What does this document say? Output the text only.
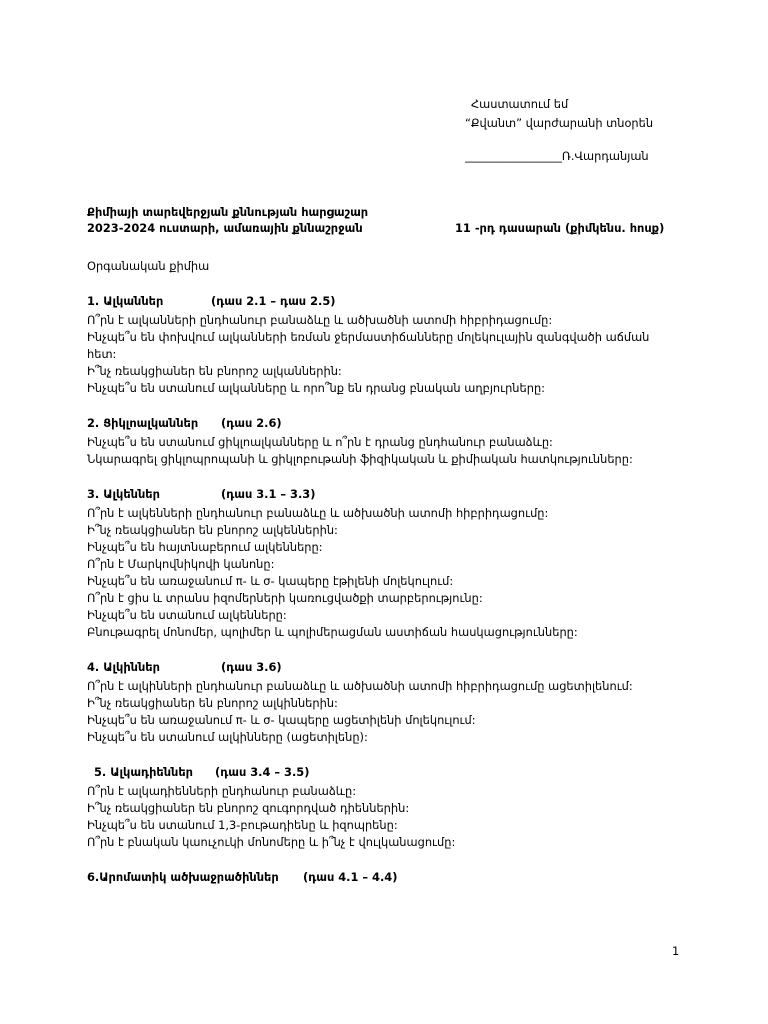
Հաստատում եմ
“Քվանտ” վարժարանի տնօրեն
_________________Ռ.Վարդանյան
Քիմիայի տարեվերջյան քննության հարցաշար
2023-2024 ուստարի, ամառային քննաշրջան	11 -րդ դասարան (քիմկենս. հոսք)
Օրգանական քիմիա
1. Ալկաններ	(դաս 2.1 – դաս 2.5)
Ո՞րն է ալկանների ընդհանուր բանաձևը և ածխածնի ատոմի հիբրիդացումը:
Ինչպե՞ս են փոխվում ալկանների եռման ջերմաստիճանները մոլեկուլային զանգվածի աճման հետ:
Ի՞նչ ռեակցիաներ են բնորոշ ալկաններին:
Ինչպե՞ս են ստանում ալկանները և որո՞նք են դրանց բնական աղբյուրները:
2. Ցիկլոալկաններ (դաս 2.6)
Ինչպե՞ս են ստանում ցիկլոալկանները և ո՞րն է դրանց ընդհանուր բանաձևը:
Նկարագրել ցիկլոպրոպանի և ցիկլոբութանի ֆիզիկական և քիմիական հատկությունները:
3. Ալկեններ	(դաս 3.1 – 3.3)
Ո՞րն է ալկենների ընդհանուր բանաձևը և ածխածնի ատոմի հիբրիդացումը:
Ի՞նչ ռեակցիաներ են բնորոշ ալկեններին:
Ինչպե՞ս են հայտնաբերում ալկենները:
Ո՞րն է Մարկովնիկովի կանոնը:
Ինչպե՞ս են առաջանում π- և σ- կապերը էթիլենի մոլեկուլում:
Ո՞րն է ցիս և տրանս իզոմերների կառուցվածքի տարբերությունը:
Ինչպե՞ս են ստանում ալկենները:
Բնութագրել մոնոմեր, պոլիմեր և պոլիմերացման աստիճան հասկացությունները:
4. Ալկիններ	(դաս 3.6)
Ո՞րն է ալկինների ընդհանուր բանաձևը և ածխածնի ատոմի հիբրիդացումը ացետիլենում:
Ի՞նչ ռեակցիաներ են բնորոշ ալկիններին:
Ինչպե՞ս են առաջանում π- և σ- կապերը ացետիլենի մոլեկուլում:
Ինչպե՞ս են ստանում ալկինները (ացետիլենը):
5. Ալկադիեններ (դաս 3.4 – 3.5)
Ո՞րն է ալկադիենների ընդհանուր բանաձևը:
Ի՞նչ ռեակցիաներ են բնորոշ զուգորդված դիեններին:
Ինչպե՞ս են ստանում 1,3-բութադիենը և իզոպրենը:
Ո՞րն է բնական կաուչուկի մոնոմերը և ի՞նչ է վուլկանացումը:
6.Արոմատիկ ածխաջրածիններ (դաս 4.1 – 4.4)
1
